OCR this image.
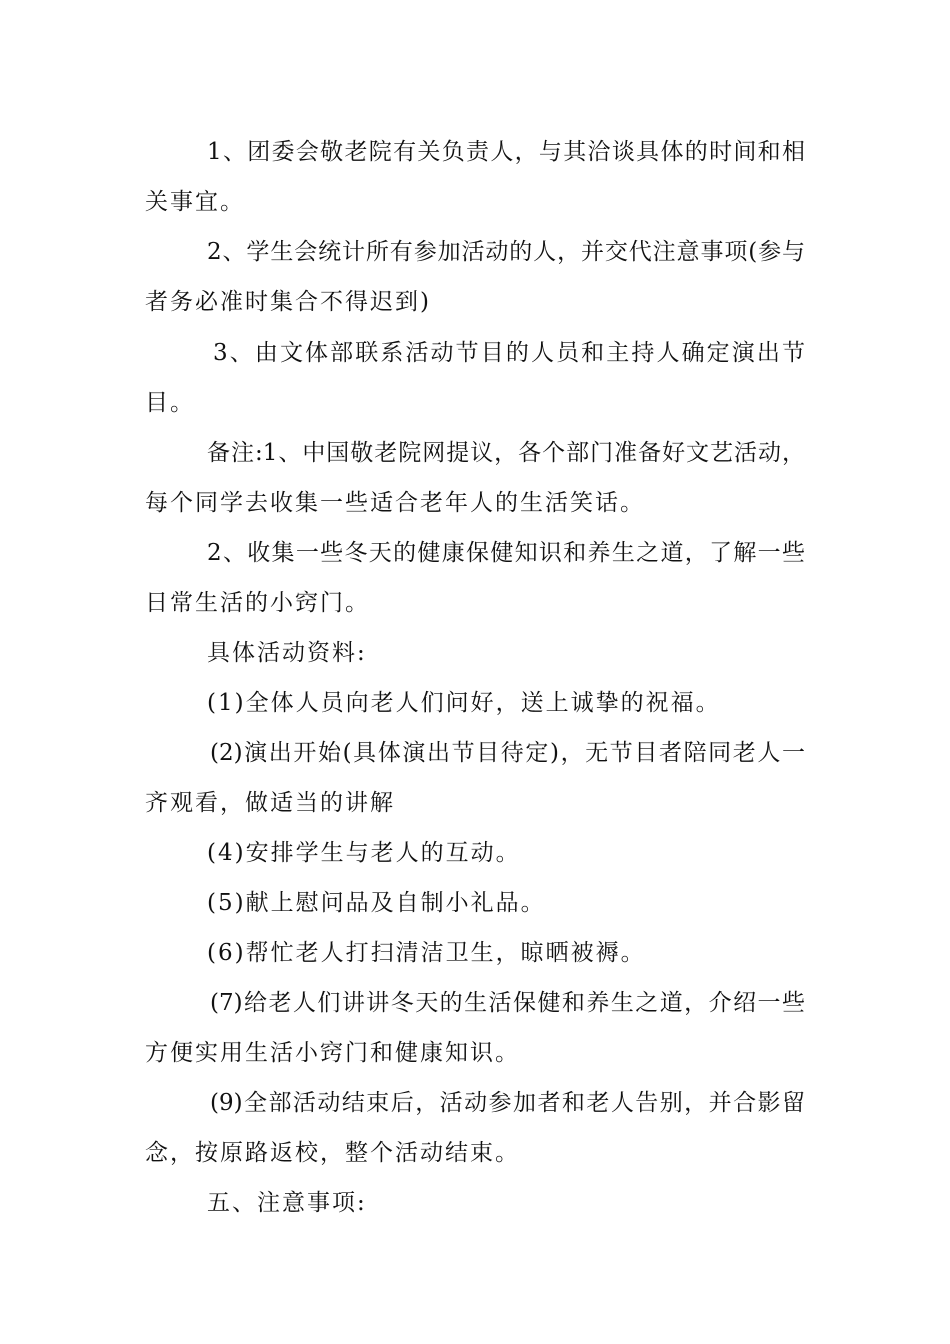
1、团委会敬老院有关负责人，与其洽谈具体的时间和相
关事宜。
2、学生会统计所有参加活动的人，并交代注意事项(参与
者务必准时集合不得迟到)
3、由文体部联系活动节目的人员和主持人确定演出节
目。
备注:1、中国敬老院网提议，各个部门准备好文艺活动，
每个同学去收集一些适合老年人的生活笑话。
2、收集一些冬天的健康保健知识和养生之道，了解一些
日常生活的小窍门。
具体活动资料:
(1)全体人员向老人们问好，送上诚挚的祝福。
(2)演出开始(具体演出节目待定)，无节目者陪同老人一
齐观看，做适当的讲解
(4)安排学生与老人的互动。
(5)献上慰问品及自制小礼品。
(6)帮忙老人打扫清洁卫生，晾晒被褥。
(7)给老人们讲讲冬天的生活保健和养生之道，介绍一些
方便实用生活小窍门和健康知识。
(9)全部活动结束后，活动参加者和老人告别，并合影留
念，按原路返校，整个活动结束。
五、注意事项:
